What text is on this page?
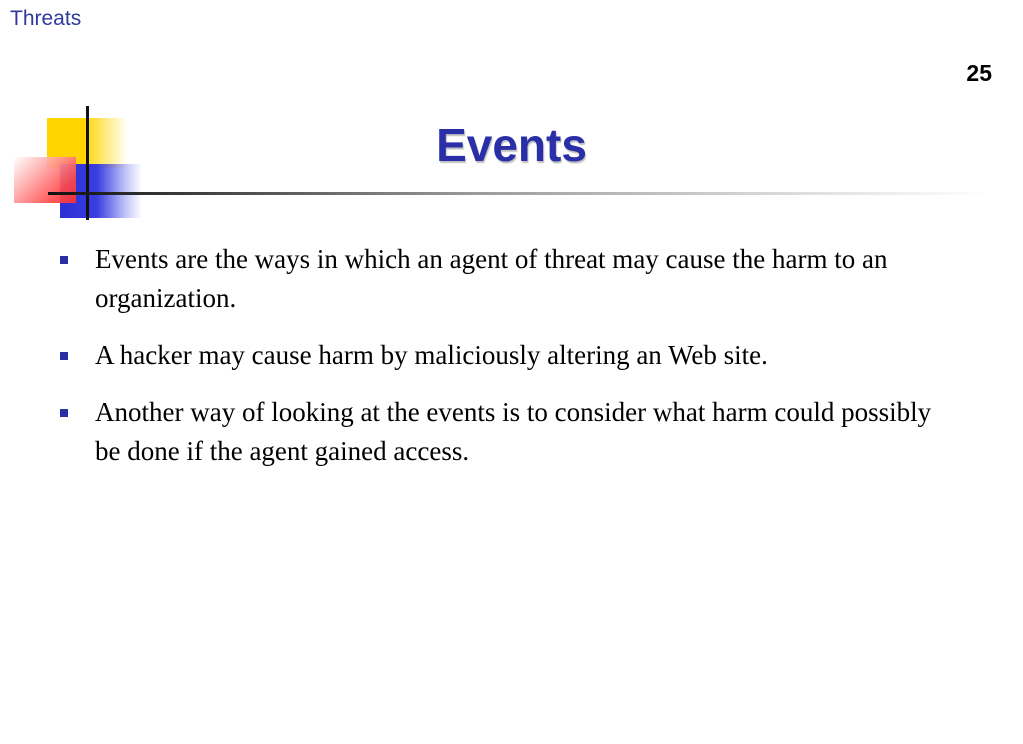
Threats
25
Events
Events are the ways in which an agent of threat may cause the harm to an organization.
A hacker may cause harm by maliciously altering an Web site.
Another way of looking at the events is to consider what harm could possibly be done if the agent gained access.
